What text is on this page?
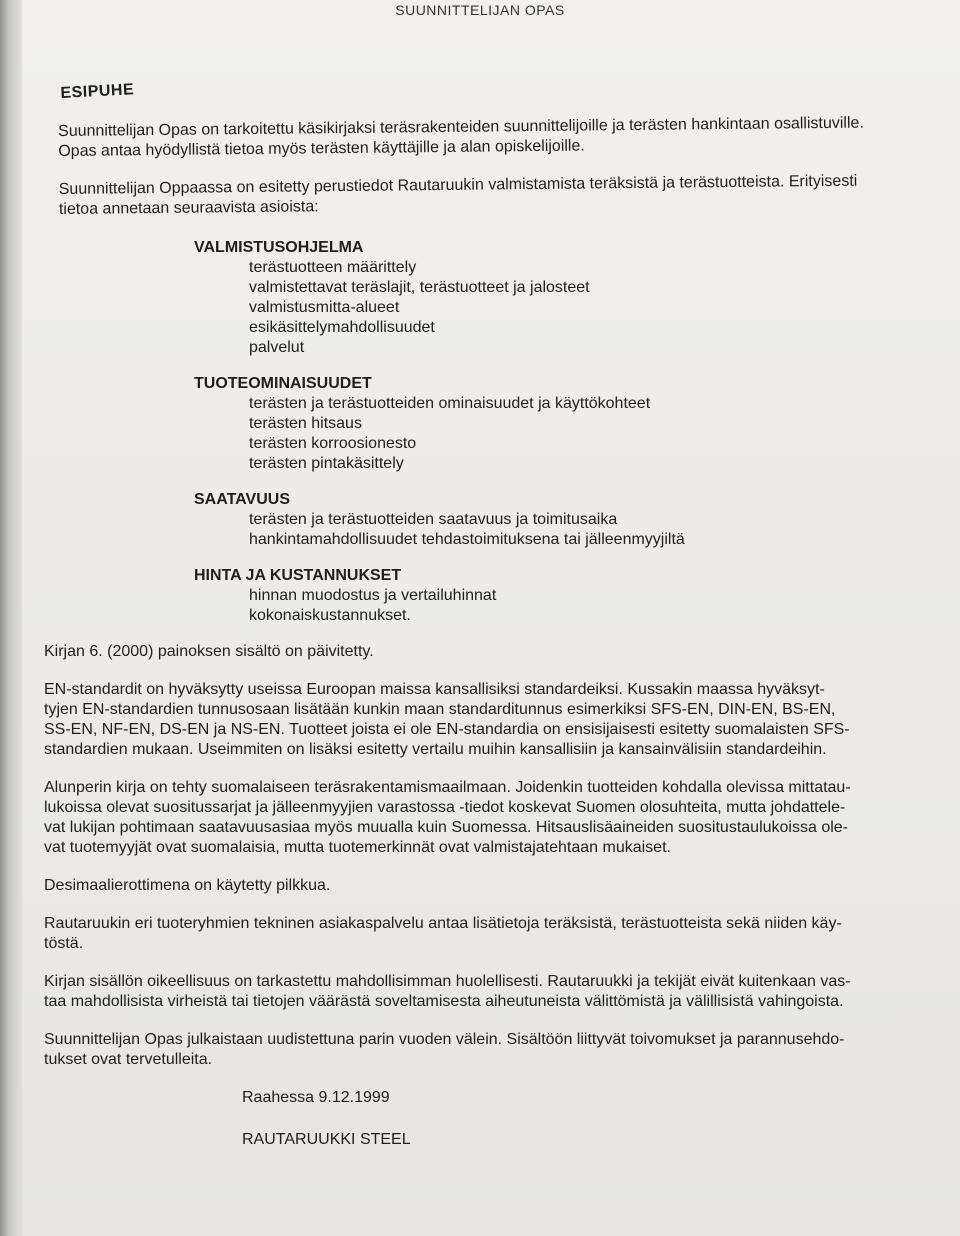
SUUNNITTELIJAN OPAS
ESIPUHE
Suunnittelijan Opas on tarkoitettu käsikirjaksi teräsrakenteiden suunnittelijoille ja terästen hankintaan osallistuville.
Opas antaa hyödyllistä tietoa myös terästen käyttäjille ja alan opiskelijoille.
Suunnittelijan Oppaassa on esitetty perustiedot Rautaruukin valmistamista teräksistä ja terästuotteista. Erityisesti
tietoa annetaan seuraavista asioista:
VALMISTUSOHJELMA
terästuotteen määrittely
valmistettavat teräslajit, terästuotteet ja jalosteet
valmistusmitta-alueet
esikäsittelymahdollisuudet
palvelut
TUOTEOMINAISUUDET
terästen ja terästuotteiden ominaisuudet ja käyttökohteet
terästen hitsaus
terästen korroosionesto
terästen pintakäsittely
SAATAVUUS
terästen ja terästuotteiden saatavuus ja toimitusaika
hankintamahdollisuudet tehdastoimituksena tai jälleenmyyjiltä
HINTA JA KUSTANNUKSET
hinnan muodostus ja vertailuhinnat
kokonaiskustannukset.
Kirjan 6. (2000) painoksen sisältö on päivitetty.
EN-standardit on hyväksytty useissa Euroopan maissa kansallisiksi standardeiksi. Kussakin maassa hyväksyt-
tyjen EN-standardien tunnusosaan lisätään kunkin maan standarditunnus esimerkiksi SFS-EN, DIN-EN, BS-EN,
SS-EN, NF-EN, DS-EN ja NS-EN. Tuotteet joista ei ole EN-standardia on ensisijaisesti esitetty suomalaisten SFS-
standardien mukaan. Useimmiten on lisäksi esitetty vertailu muihin kansallisiin ja kansainvälisiin standardeihin.
Alunperin kirja on tehty suomalaiseen teräsrakentamismaailmaan. Joidenkin tuotteiden kohdalla olevissa mittatau-
lukoissa olevat suositussarjat ja jälleenmyyjien varastossa -tiedot koskevat Suomen olosuhteita, mutta johdattele-
vat lukijan pohtimaan saatavuusasiaa myös muualla kuin Suomessa. Hitsauslisäaineiden suositustaulukoissa ole-
vat tuotemyyjät ovat suomalaisia, mutta tuotemerkinnät ovat valmistajatehtaan mukaiset.
Desimaalierottimena on käytetty pilkkua.
Rautaruukin eri tuoteryhmien tekninen asiakaspalvelu antaa lisätietoja teräksistä, terästuotteista sekä niiden käy-
töstä.
Kirjan sisällön oikeellisuus on tarkastettu mahdollisimman huolellisesti. Rautaruukki ja tekijät eivät kuitenkaan vas-
taa mahdollisista virheistä tai tietojen väärästä soveltamisesta aiheutuneista välittömistä ja välillisistä vahingoista.
Suunnittelijan Opas julkaistaan uudistettuna parin vuoden välein. Sisältöön liittyvät toivomukset ja parannusehdo-
tukset ovat tervetulleita.
Raahessa 9.12.1999
RAUTARUUKKI STEEL
